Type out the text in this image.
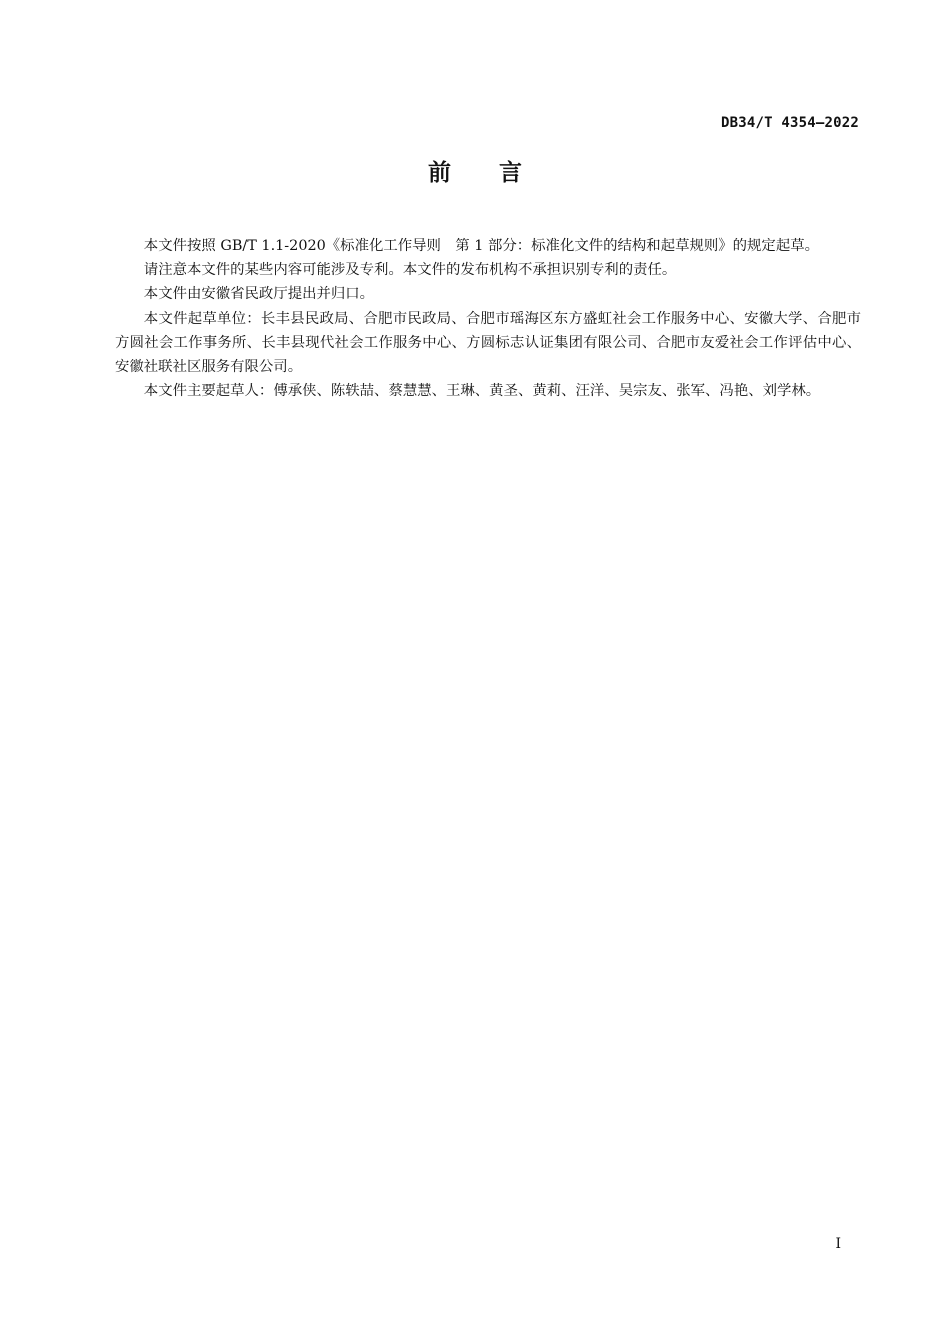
DB34/T 4354—2022
前 言

本文件按照 GB/T 1.1-2020《标准化工作导则　第 1 部分：标准化文件的结构和起草规则》的规定起草。

请注意本文件的某些内容可能涉及专利。本文件的发布机构不承担识别专利的责任。

本文件由安徽省民政厅提出并归口。

本文件起草单位：长丰县民政局、合肥市民政局、合肥市瑶海区东方盛虹社会工作服务中心、安徽大学、合肥市方圆社会工作事务所、长丰县现代社会工作服务中心、方圆标志认证集团有限公司、合肥市友爱社会工作评估中心、安徽社联社区服务有限公司。

本文件主要起草人：傅承侠、陈轶喆、蔡慧慧、王琳、黄圣、黄莉、汪洋、吴宗友、张军、冯艳、刘学林。

I
